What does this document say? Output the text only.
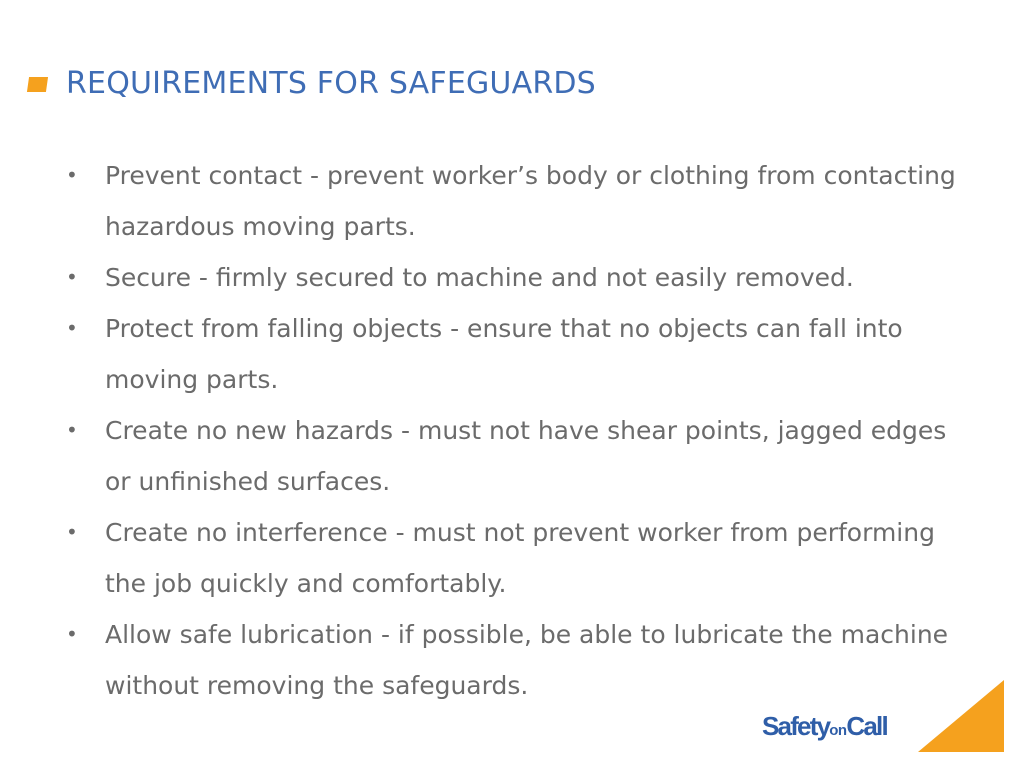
REQUIREMENTS FOR SAFEGUARDS
• Prevent contact - prevent worker’s body or clothing from contacting hazardous moving parts.
• Secure - firmly secured to machine and not easily removed.
• Protect from falling objects - ensure that no objects can fall into moving parts.
• Create no new hazards - must not have shear points, jagged edges or unfinished surfaces.
• Create no interference - must not prevent worker from performing the job quickly and comfortably.
• Allow safe lubrication - if possible, be able to lubricate the machine without removing the safeguards.
SafetyonCall
